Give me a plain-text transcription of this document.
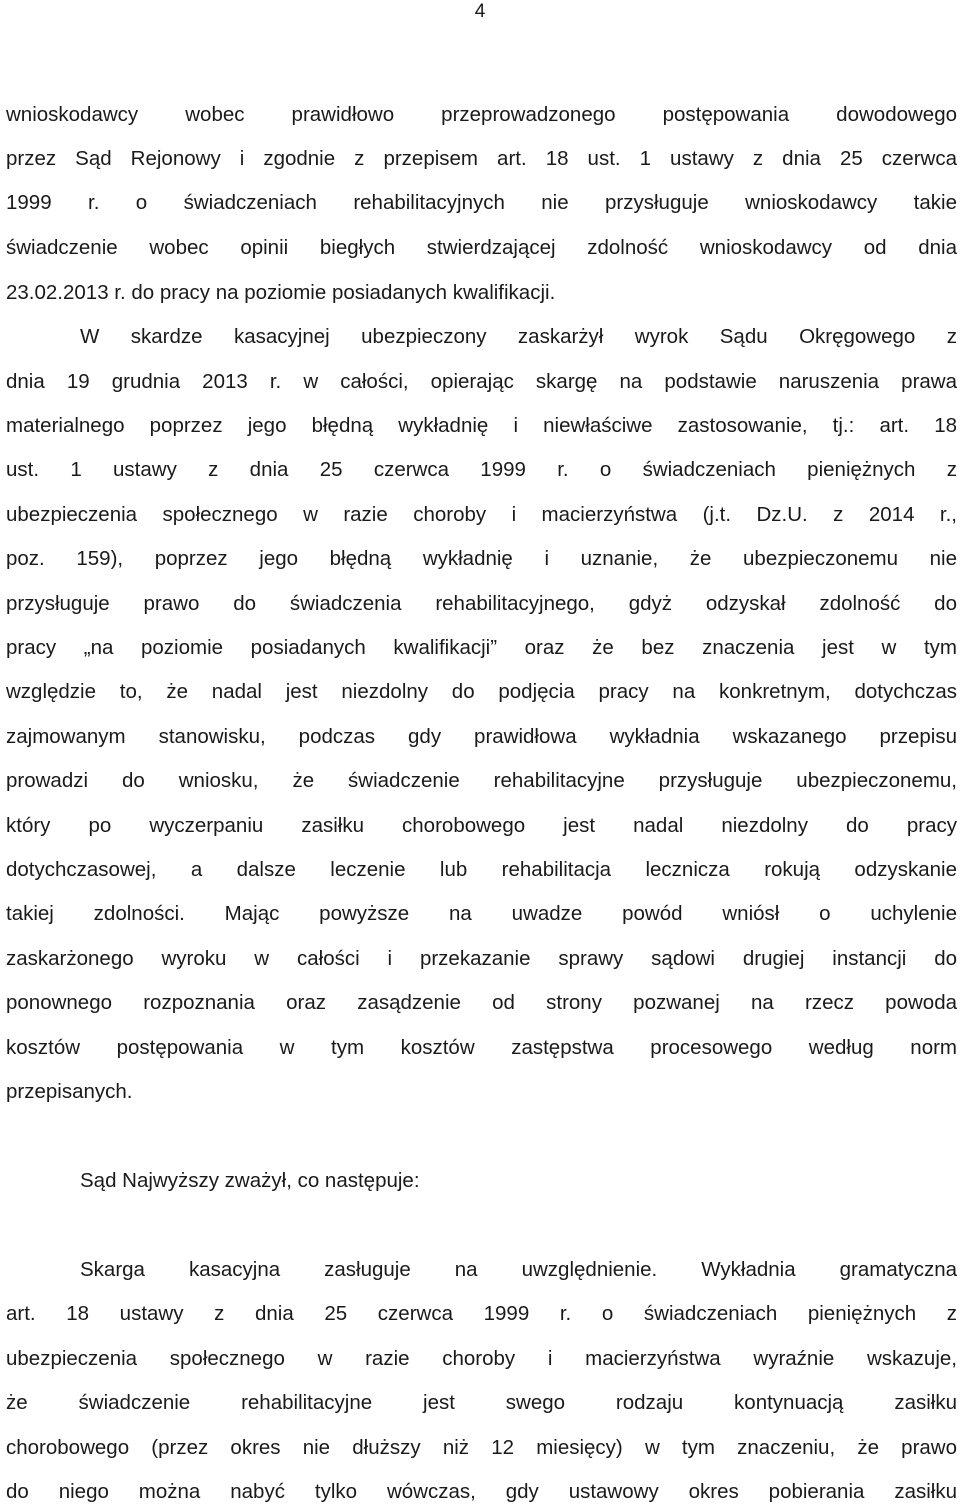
4
wnioskodawcy wobec prawidłowo przeprowadzonego postępowania dowodowego
przez Sąd Rejonowy i zgodnie z przepisem art. 18 ust. 1 ustawy z dnia 25 czerwca
1999 r. o świadczeniach rehabilitacyjnych nie przysługuje wnioskodawcy takie
świadczenie wobec opinii biegłych stwierdzającej zdolność wnioskodawcy od dnia
23.02.2013 r. do pracy na poziomie posiadanych kwalifikacji.
W skardze kasacyjnej ubezpieczony zaskarżył wyrok Sądu Okręgowego z
dnia 19 grudnia 2013 r. w całości, opierając skargę na podstawie naruszenia prawa
materialnego poprzez jego błędną wykładnię i niewłaściwe zastosowanie, tj.: art. 18
ust. 1 ustawy z dnia 25 czerwca 1999 r. o świadczeniach pieniężnych z
ubezpieczenia społecznego w razie choroby i macierzyństwa (j.t. Dz.U. z 2014 r.,
poz. 159), poprzez jego błędną wykładnię i uznanie, że ubezpieczonemu nie
przysługuje prawo do świadczenia rehabilitacyjnego, gdyż odzyskał zdolność do
pracy „na poziomie posiadanych kwalifikacji” oraz że bez znaczenia jest w tym
względzie to, że nadal jest niezdolny do podjęcia pracy na konkretnym, dotychczas
zajmowanym stanowisku, podczas gdy prawidłowa wykładnia wskazanego przepisu
prowadzi do wniosku, że świadczenie rehabilitacyjne przysługuje ubezpieczonemu,
który po wyczerpaniu zasiłku chorobowego jest nadal niezdolny do pracy
dotychczasowej, a dalsze leczenie lub rehabilitacja lecznicza rokują odzyskanie
takiej zdolności. Mając powyższe na uwadze powód wniósł o uchylenie
zaskarżonego wyroku w całości i przekazanie sprawy sądowi drugiej instancji do
ponownego rozpoznania oraz zasądzenie od strony pozwanej na rzecz powoda
kosztów postępowania w tym kosztów zastępstwa procesowego według norm
przepisanych.
Sąd Najwyższy zważył, co następuje:
Skarga kasacyjna zasługuje na uwzględnienie. Wykładnia gramatyczna
art. 18 ustawy z dnia 25 czerwca 1999 r. o świadczeniach pieniężnych z
ubezpieczenia społecznego w razie choroby i macierzyństwa wyraźnie wskazuje,
że świadczenie rehabilitacyjne jest swego rodzaju kontynuacją zasiłku
chorobowego (przez okres nie dłuższy niż 12 miesięcy) w tym znaczeniu, że prawo
do niego można nabyć tylko wówczas, gdy ustawowy okres pobierania zasiłku
